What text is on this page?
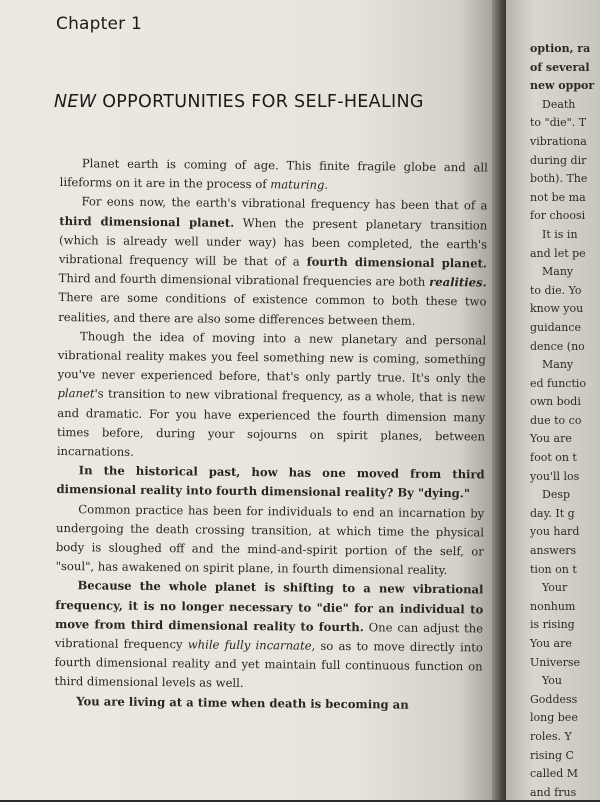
Chapter 1
NEW OPPORTUNITIES FOR SELF-HEALING

Planet earth is coming of age. This finite fragile globe and all lifeforms on it are in the process of maturing.

For eons now, the earth's vibrational frequency has been that of a third dimensional planet. When the present planetary transition (which is already well under way) has been completed, the earth's vibrational frequency will be that of a fourth dimensional planet. Third and fourth dimensional vibrational frequencies are both realities. There are some conditions of existence common to both these two realities, and there are also some differences between them.

Though the idea of moving into a new planetary and personal vibrational reality makes you feel something new is coming, something you've never experienced before, that's only partly true. It's only the planet's transition to new vibrational frequency, as a whole, that is new and dramatic. For you have experienced the fourth dimension many times before, during your sojourns on spirit planes, between incarnations.

In the historical past, how has one moved from third dimensional reality into fourth dimensional reality? By "dying."

Common practice has been for individuals to end an incarnation by undergoing the death crossing transition, at which time the physical body is sloughed off and the mind-and-spirit portion of the self, or "soul", has awakened on spirit plane, in fourth dimensional reality.

Because the whole planet is shifting to a new vibrational frequency, it is no longer necessary to "die" for an individual to move from third dimensional reality to fourth. One can adjust the vibrational frequency while fully incarnate, so as to move directly into fourth dimensional reality and yet maintain full continuous function on third dimensional levels as well.

You are living at a time when death is becoming an

option, ra
of several
new oppor
Death
to "die". T
vibrationa
during dir
both). The
not be ma
for choosi
It is in
and let pe
Many
to die. Yo
know you
guidance
dence (no
Many
ed functio
own bodi
due to co
You are
foot on t
you'll los
Desp
day. It g
you hard
answers
tion on t
Your
nonhum
is rising
You are
Universe
You
Goddess
long bee
roles. Y
rising C
called M
and frus
